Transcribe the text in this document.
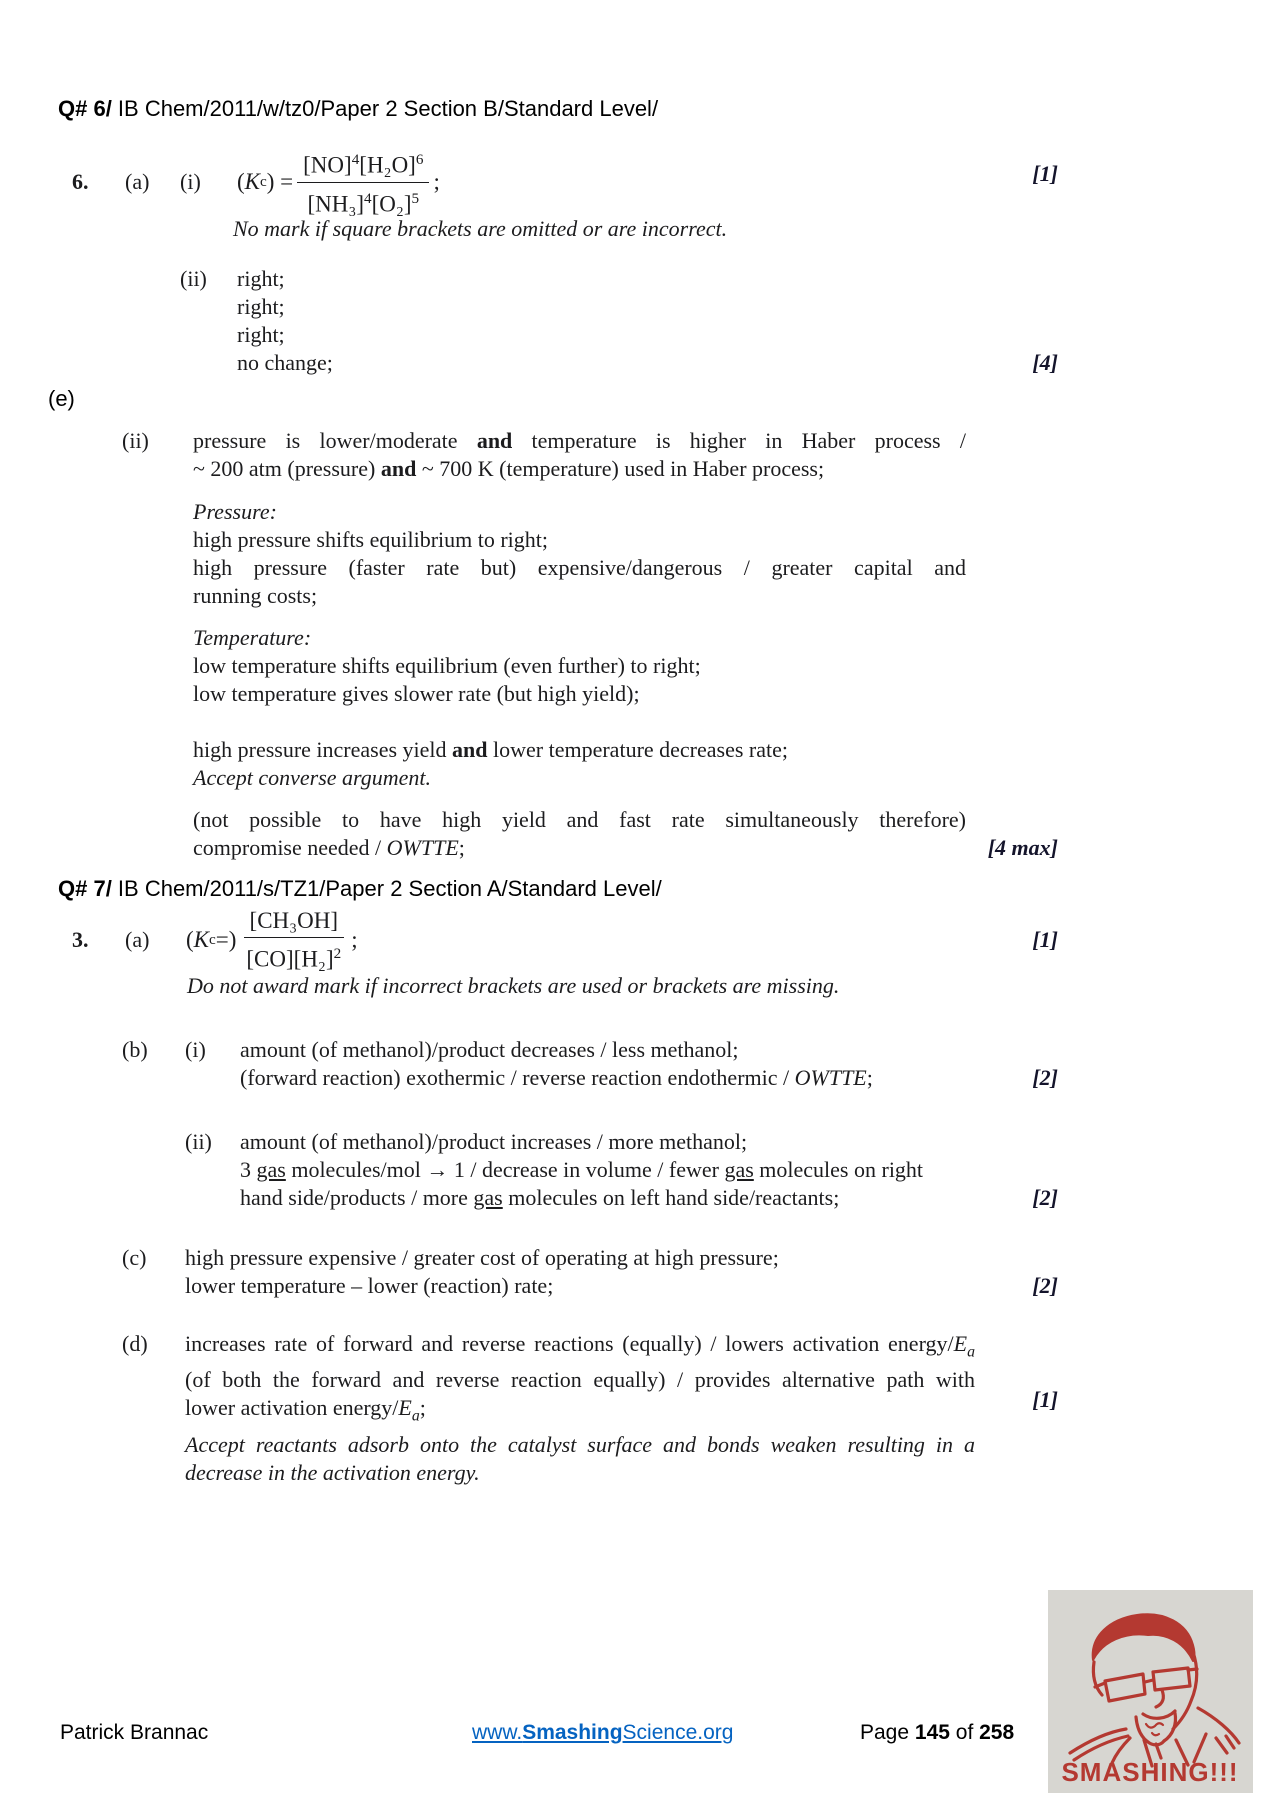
Q# 6/ IB Chem/2011/w/tz0/Paper 2 Section B/Standard Level/
6.	(a)	(i)	( K c ) = $\frac{[NO]^4[H_2O]^6}{[NH_3]^4[O_2]^5}$ ;	[1]
No mark if square brackets are omitted or are incorrect.
(ii)	right;
right;
right;
no change;	[4]
(e)
(ii)	pressure is lower/moderate and temperature is higher in Haber process /
~ 200 atm (pressure) and ~ 700 K (temperature) used in Haber process;
Pressure:
high pressure shifts equilibrium to right;
high pressure (faster rate but) expensive/dangerous / greater capital and
running costs;
Temperature:
low temperature shifts equilibrium (even further) to right;
low temperature gives slower rate (but high yield);
high pressure increases yield and lower temperature decreases rate;
Accept converse argument.
(not possible to have high yield and fast rate simultaneously therefore)
compromise needed / OWTTE;	[4 max]
Q# 7/ IB Chem/2011/s/TZ1/Paper 2 Section A/Standard Level/
3.	(a)	( K c =) $\frac{\text{[CH₃OH]}}{[CO][H_2]^2}$ ;	[1]
Do not award mark if incorrect brackets are used or brackets are missing.
(b)	(i)	amount (of methanol)/product decreases / less methanol;
(forward reaction) exothermic / reverse reaction endothermic / OWTTE;	[2]
(ii)	amount (of methanol)/product increases / more methanol;
3 gas molecules/mol → 1 / decrease in volume / fewer gas molecules on right
hand side/products / more gas molecules on left hand side/reactants;	[2]
(c)	high pressure expensive / greater cost of operating at high pressure;
lower temperature – lower (reaction) rate;	[2]
(d)	increases rate of forward and reverse reactions (equally) / lowers activation energy/$E_a$
(of both the forward and reverse reaction equally) / provides alternative path with
lower activation energy/$E_a$;
Accept reactants adsorb onto the catalyst surface and bonds weaken resulting in a
decrease in the activation energy.
[1]
Patrick Brannac	www.SmashingScience.org	Page 145 of 258
SMASHING!!!
